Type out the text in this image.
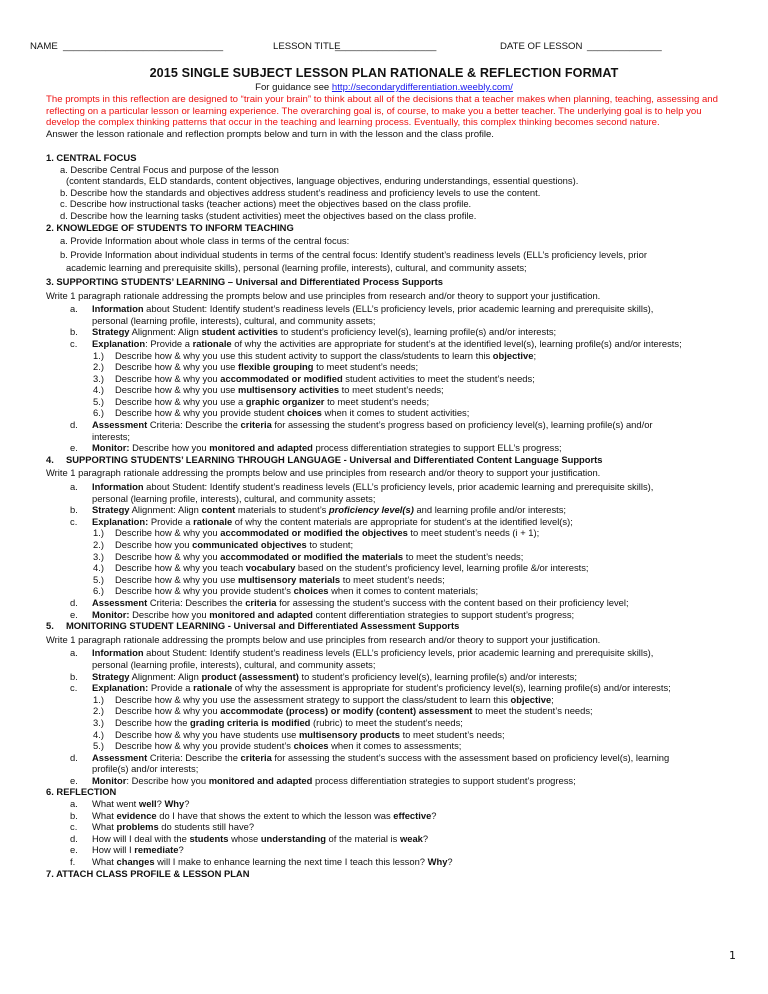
NAME ______________________________	LESSON TITLE
___________________	DATE OF LESSON ______________
2015 SINGLE SUBJECT LESSON PLAN RATIONALE & REFLECTION FORMAT
For guidance see http://secondarydifferentiation.weebly.com/
The prompts in this reflection are designed to “train your brain” to think about all of the decisions that a teacher makes when planning, teaching, assessing and reflecting on a particular lesson or learning experience. The overarching goal is, of course, to make you a better teacher. The underlying goal is to help you develop the complex thinking patterns that occur in the teaching and learning process. Eventually, this complex thinking becomes second nature.
Answer the lesson rationale and reflection prompts below and turn in with the lesson and the class profile.
1. CENTRAL FOCUS
a. Describe Central Focus and purpose of the lesson
(content standards, ELD standards, content objectives, language objectives, enduring understandings, essential questions).
b. Describe how the standards and objectives address student’s readiness and proficiency levels to use the content.
c. Describe how instructional tasks (teacher actions) meet the objectives based on the class profile.
d. Describe how the learning tasks (student activities) meet the objectives based on the class profile.
2. KNOWLEDGE OF STUDENTS TO INFORM TEACHING
a. Provide Information about whole class in terms of the central focus:
b. Provide Information about individual students in terms of the central focus: Identify student’s readiness levels (ELL’s proficiency levels, prior
academic learning and prerequisite skills), personal (learning profile, interests), cultural, and community assets;
3. SUPPORTING STUDENTS’ LEARNING – Universal and Differentiated Process Supports
Write 1 paragraph rationale addressing the prompts below and use principles from research and/or theory to support your justification.
a. Information about Student: Identify student’s readiness levels (ELL’s proficiency levels, prior academic learning and prerequisite skills),
personal (learning profile, interests), cultural, and community assets;
b. Strategy Alignment: Align student activities to student’s proficiency level(s), learning profile(s) and/or interests;
c. Explanation: Provide a rationale of why the activities are appropriate for student’s at the identified level(s), learning profile(s) and/or interests;
1.) Describe how & why you use this student activity to support the class/students to learn this objective;
2.) Describe how & why you use flexible grouping to meet student’s needs;
3.) Describe how & why you accommodated or modified student activities to meet the student’s needs;
4.) Describe how & why you use multisensory activities to meet student’s needs;
5.) Describe how & why you use a graphic organizer to meet student’s needs;
6.) Describe how & why you provide student choices when it comes to student activities;
d. Assessment Criteria: Describe the criteria for assessing the student’s progress based on proficiency level(s), learning profile(s) and/or
interests;
e. Monitor: Describe how you monitored and adapted process differentiation strategies to support ELL’s progress;
4. SUPPORTING STUDENTS’ LEARNING THROUGH LANGUAGE - Universal and Differentiated Content Language Supports
Write 1 paragraph rationale addressing the prompts below and use principles from research and/or theory to support your justification.
a. Information about Student: Identify student’s readiness levels (ELL’s proficiency levels, prior academic learning and prerequisite skills),
personal (learning profile, interests), cultural, and community assets;
b. Strategy Alignment: Align content materials to student’s proficiency level(s) and learning profile and/or interests;
c. Explanation: Provide a rationale of why the content materials are appropriate for student’s at the identified level(s);
1.) Describe how & why you accommodated or modified the objectives to meet student’s needs (i + 1);
2.) Describe how you communicated objectives to student;
3.) Describe how & why you accommodated or modified the materials to meet the student’s needs;
4.) Describe how & why you teach vocabulary based on the student’s proficiency level, learning profile &/or interests;
5.) Describe how & why you use multisensory materials to meet student’s needs;
6.) Describe how & why you provide student’s choices when it comes to content materials;
d. Assessment Criteria: Describes the criteria for assessing the student’s success with the content based on their proficiency level;
e. Monitor: Describe how you monitored and adapted content differentiation strategies to support student’s progress;
5. MONITORING STUDENT LEARNING - Universal and Differentiated Assessment Supports
Write 1 paragraph rationale addressing the prompts below and use principles from research and/or theory to support your justification.
a. Information about Student: Identify student’s readiness levels (ELL’s proficiency levels, prior academic learning and prerequisite skills),
personal (learning profile, interests), cultural, and community assets;
b. Strategy Alignment: Align product (assessment) to student’s proficiency level(s), learning profile(s) and/or interests;
c. Explanation: Provide a rationale of why the assessment is appropriate for student’s proficiency level(s), learning profile(s) and/or interests;
1.) Describe how & why you use the assessment strategy to support the class/student to learn this objective;
2.) Describe how & why you accommodate (process) or modify (content) assessment to meet the student’s needs;
3.) Describe how the grading criteria is modified (rubric) to meet the student’s needs;
4.) Describe how & why you have students use multisensory products to meet student’s needs;
5.) Describe how & why you provide student’s choices when it comes to assessments;
d. Assessment Criteria: Describe the criteria for assessing the student’s success with the assessment based on proficiency level(s), learning
profile(s) and/or interests;
e. Monitor: Describe how you monitored and adapted process differentiation strategies to support student’s progress;
6. REFLECTION
a. What went well? Why?
b. What evidence do I have that shows the extent to which the lesson was effective?
c. What problems do students still have?
d. How will I deal with the students whose understanding of the material is weak?
e. How will I remediate?
f. What changes will I make to enhance learning the next time I teach this lesson? Why?
7. ATTACH CLASS PROFILE & LESSON PLAN
1
